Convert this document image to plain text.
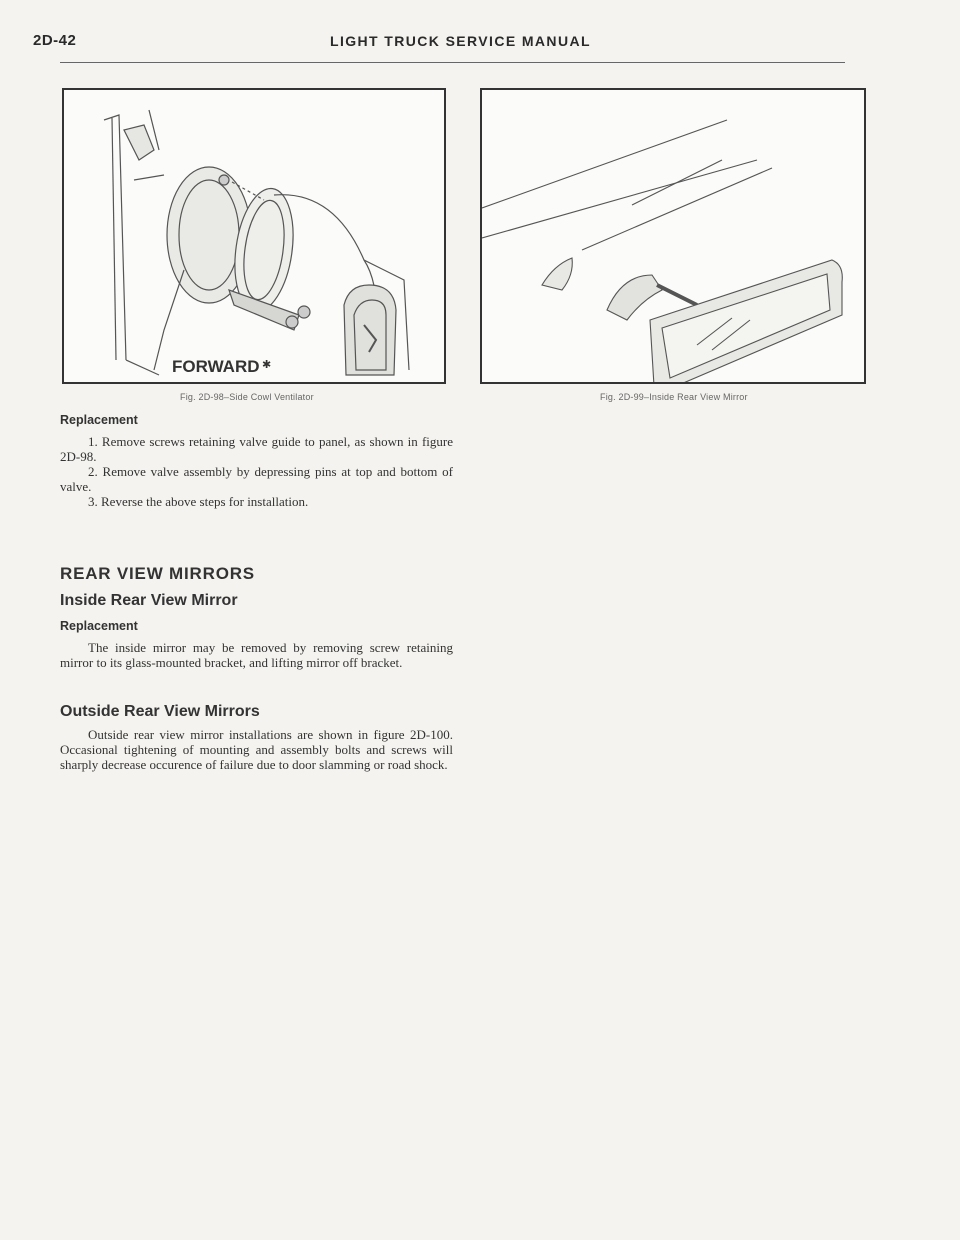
2D-42	LIGHT TRUCK SERVICE MANUAL
FORWARD ✱
Fig. 2D-98–Side Cowl Ventilator	Fig. 2D-99–Inside Rear View Mirror
Replacement
1. Remove screws retaining valve guide to panel, as shown in figure 2D-98.
2. Remove valve assembly by depressing pins at top and bottom of valve.
3. Reverse the above steps for installation.
REAR VIEW MIRRORS
Inside Rear View Mirror
Replacement
The inside mirror may be removed by removing screw retaining mirror to its glass-mounted bracket, and lifting mirror off bracket.
Outside Rear View Mirrors
Outside rear view mirror installations are shown in figure 2D-100. Occasional tightening of mounting and assembly bolts and screws will sharply decrease occurence of failure due to door slamming or road shock.
